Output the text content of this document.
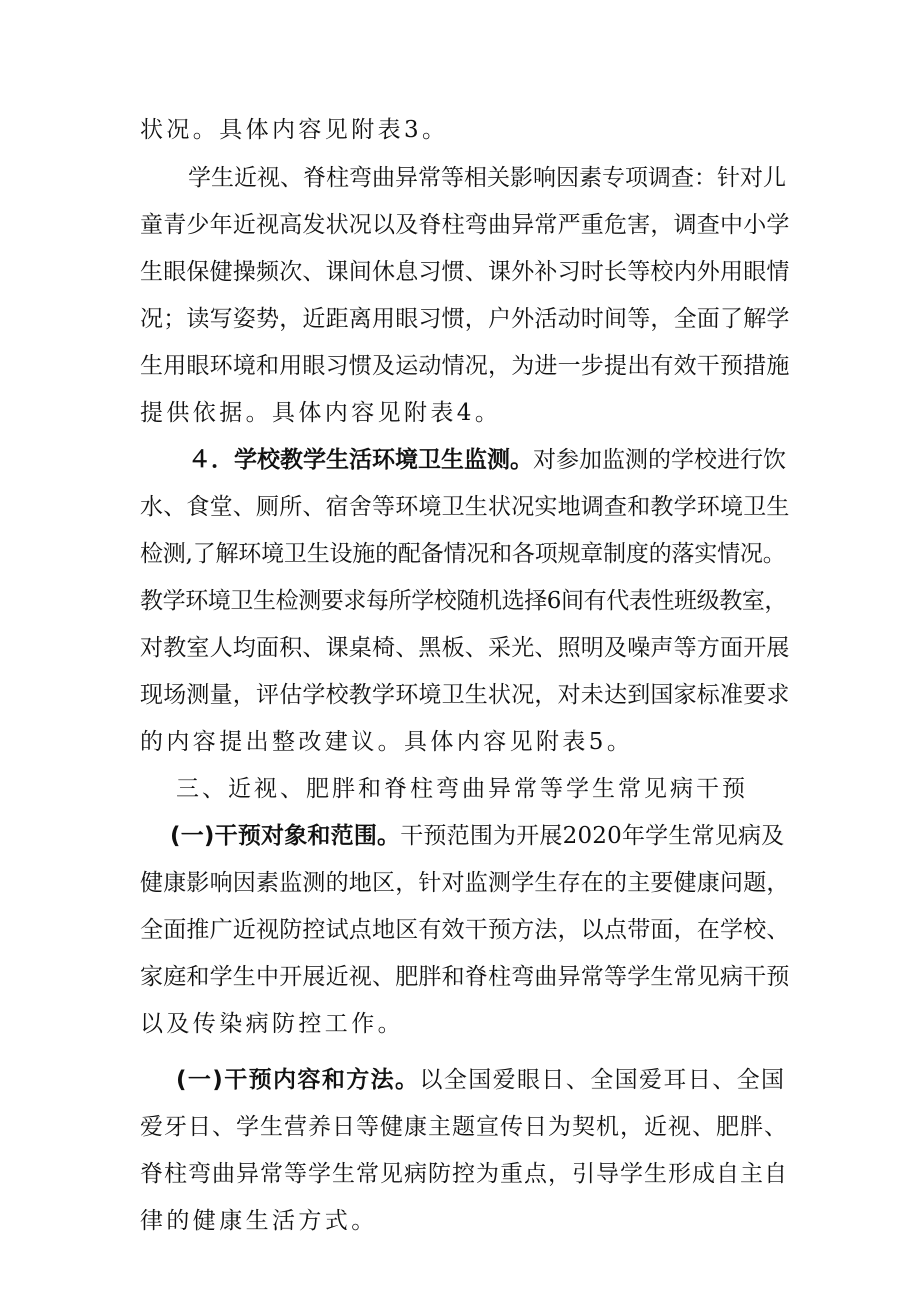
状况。具体内容见附表3。

学生近视、脊柱弯曲异常等相关影响因素专项调查：针对儿

童青少年近视高发状况以及脊柱弯曲异常严重危害，调查中小学

生眼保健操频次、课间休息习惯、课外补习时长等校内外用眼情

况；读写姿势，近距离用眼习惯，户外活动时间等，全面了解学

生用眼环境和用眼习惯及运动情况，为进一步提出有效干预措施

提供依据。具体内容见附表4。

４．学校教学生活环境卫生监测。对参加监测的学校进行饮

水、食堂、厕所、宿舍等环境卫生状况实地调查和教学环境卫生

检测,了解环境卫生设施的配备情况和各项规章制度的落实情况。

教学环境卫生检测要求每所学校随机选择6间有代表性班级教室，

对教室人均面积、课桌椅、黑板、采光、照明及噪声等方面开展

现场测量，评估学校教学环境卫生状况，对未达到国家标准要求

的内容提出整改建议。具体内容见附表5。

三、近视、肥胖和脊柱弯曲异常等学生常见病干预

(一)干预对象和范围。干预范围为开展2020年学生常见病及

健康影响因素监测的地区，针对监测学生存在的主要健康问题，

全面推广近视防控试点地区有效干预方法，以点带面，在学校、

家庭和学生中开展近视、肥胖和脊柱弯曲异常等学生常见病干预

以及传染病防控工作。

(一)干预内容和方法。以全国爱眼日、全国爱耳日、全国

爱牙日、学生营养日等健康主题宣传日为契机，近视、肥胖、

脊柱弯曲异常等学生常见病防控为重点，引导学生形成自主自

律的健康生活方式。
